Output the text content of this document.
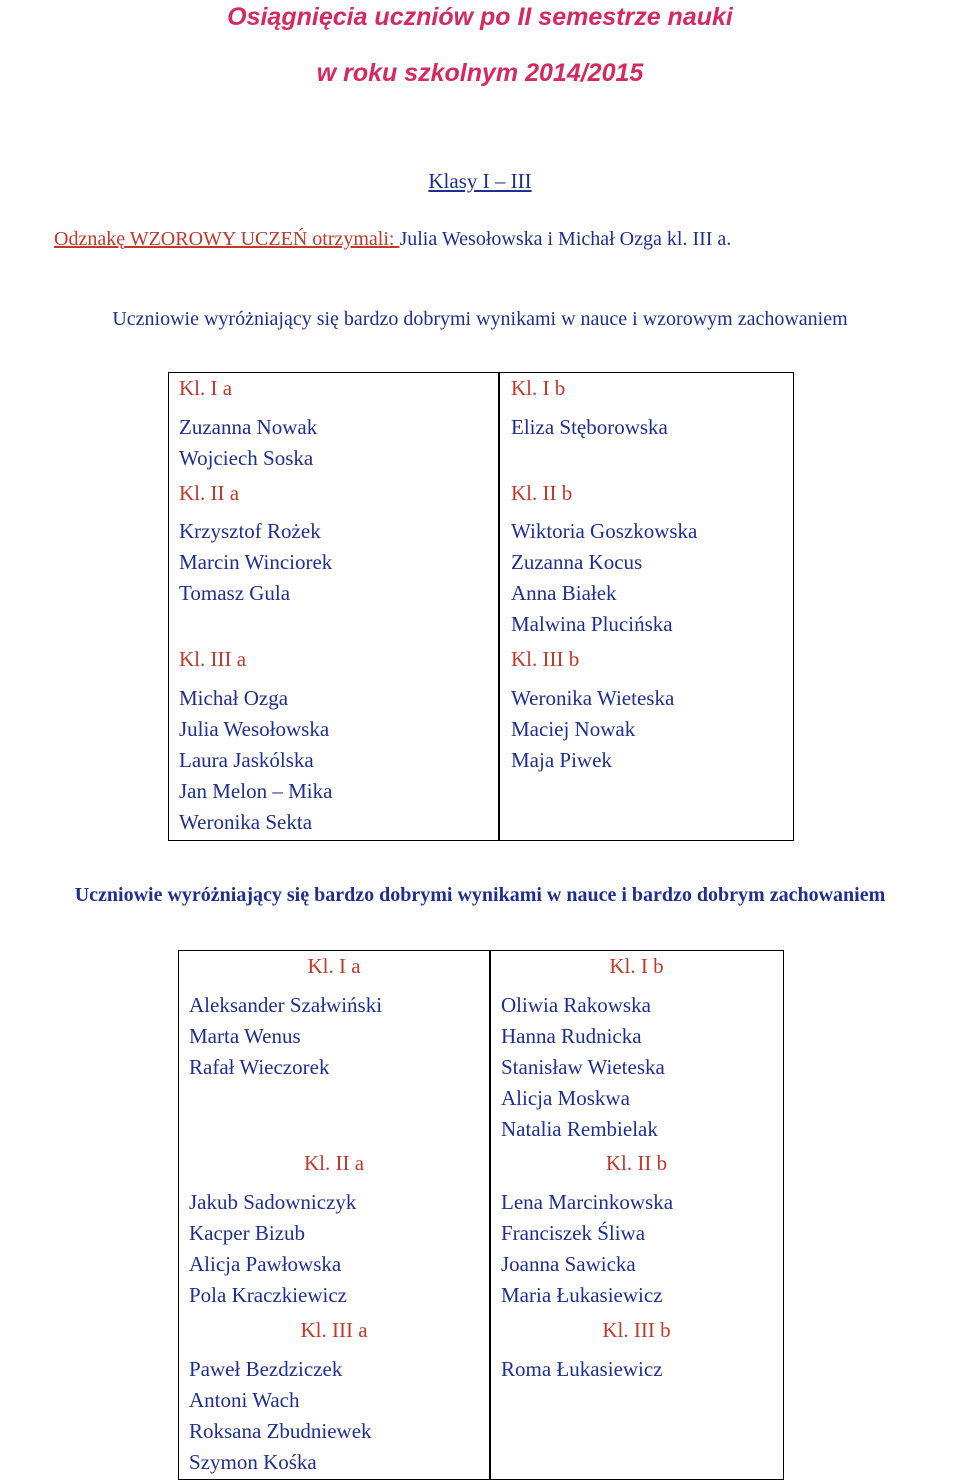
Osiągnięcia uczniów po II semestrze nauki
w roku szkolnym 2014/2015
Klasy I – III
Odznakę WZOROWY UCZEŃ otrzymali: Julia Wesołowska i Michał Ozga kl. III a.
Uczniowie wyróżniający się bardzo dobrymi wynikami w nauce i wzorowym zachowaniem
Kl. I a
Zuzanna Nowak
Wojciech Soska
Kl. II a
Krzysztof Rożek
Marcin Winciorek
Tomasz Gula
Kl. III a
Michał Ozga
Julia Wesołowska
Laura Jaskólska
Jan Melon – Mika
Weronika Sekta
Kl. I b
Eliza Stęborowska
Kl. II b
Wiktoria Goszkowska
Zuzanna Kocus
Anna Białek
Malwina Plucińska
Kl. III b
Weronika Wieteska
Maciej Nowak
Maja Piwek
Uczniowie wyróżniający się bardzo dobrymi wynikami w nauce i bardzo dobrym zachowaniem
Kl. I a
Aleksander Szałwiński
Marta Wenus
Rafał Wieczorek
Kl. II a
Jakub Sadowniczyk
Kacper Bizub
Alicja Pawłowska
Pola Kraczkiewicz
Kl. III a
Paweł Bezdziczek
Antoni Wach
Roksana Zbudniewek
Szymon Kośka
Kl. I b
Oliwia Rakowska
Hanna Rudnicka
Stanisław Wieteska
Alicja Moskwa
Natalia Rembielak
Kl. II b
Lena Marcinkowska
Franciszek Śliwa
Joanna Sawicka
Maria Łukasiewicz
Kl. III b
Roma Łukasiewicz
